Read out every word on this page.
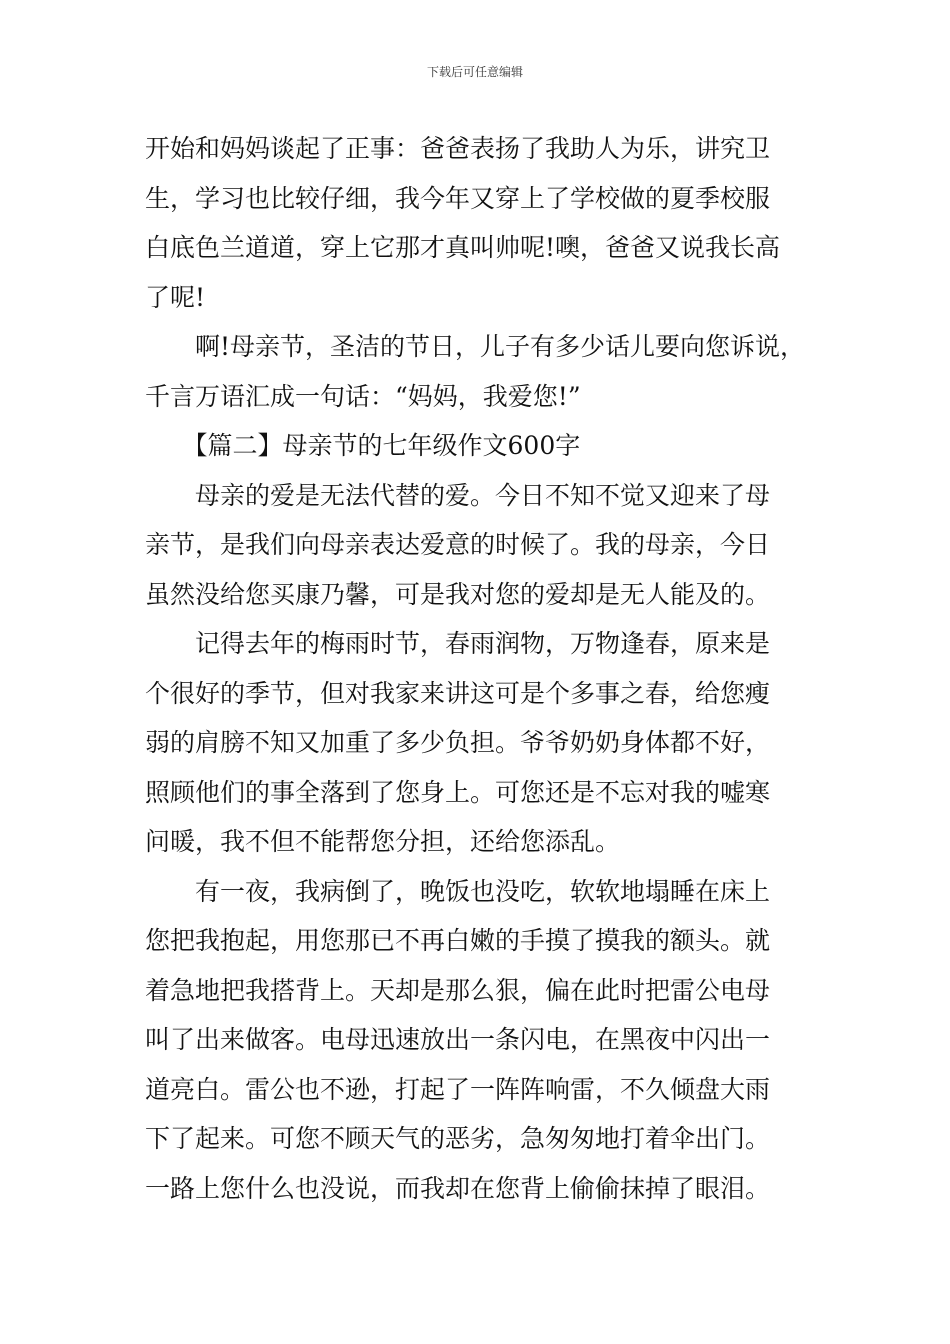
下载后可任意编辑
开始和妈妈谈起了正事：爸爸表扬了我助人为乐，讲究卫
生，学习也比较仔细，我今年又穿上了学校做的夏季校服
白底色兰道道，穿上它那才真叫帅呢!噢，爸爸又说我长高
了呢!
　　啊!母亲节，圣洁的节日，儿子有多少话儿要向您诉说，
千言万语汇成一句话：“妈妈，我爱您!”
　　【篇二】母亲节的七年级作文600字
　　母亲的爱是无法代替的爱。今日不知不觉又迎来了母
亲节，是我们向母亲表达爱意的时候了。我的母亲，今日
虽然没给您买康乃馨，可是我对您的爱却是无人能及的。
　　记得去年的梅雨时节，春雨润物，万物逢春，原来是
个很好的季节，但对我家来讲这可是个多事之春，给您瘦
弱的肩膀不知又加重了多少负担。爷爷奶奶身体都不好，
照顾他们的事全落到了您身上。可您还是不忘对我的嘘寒
问暖，我不但不能帮您分担，还给您添乱。
　　有一夜，我病倒了，晚饭也没吃，软软地塌睡在床上
您把我抱起，用您那已不再白嫩的手摸了摸我的额头。就
着急地把我搭背上。天却是那么狠，偏在此时把雷公电母
叫了出来做客。电母迅速放出一条闪电，在黑夜中闪出一
道亮白。雷公也不逊，打起了一阵阵响雷，不久倾盘大雨
下了起来。可您不顾天气的恶劣，急匆匆地打着伞出门。
一路上您什么也没说，而我却在您背上偷偷抹掉了眼泪。
